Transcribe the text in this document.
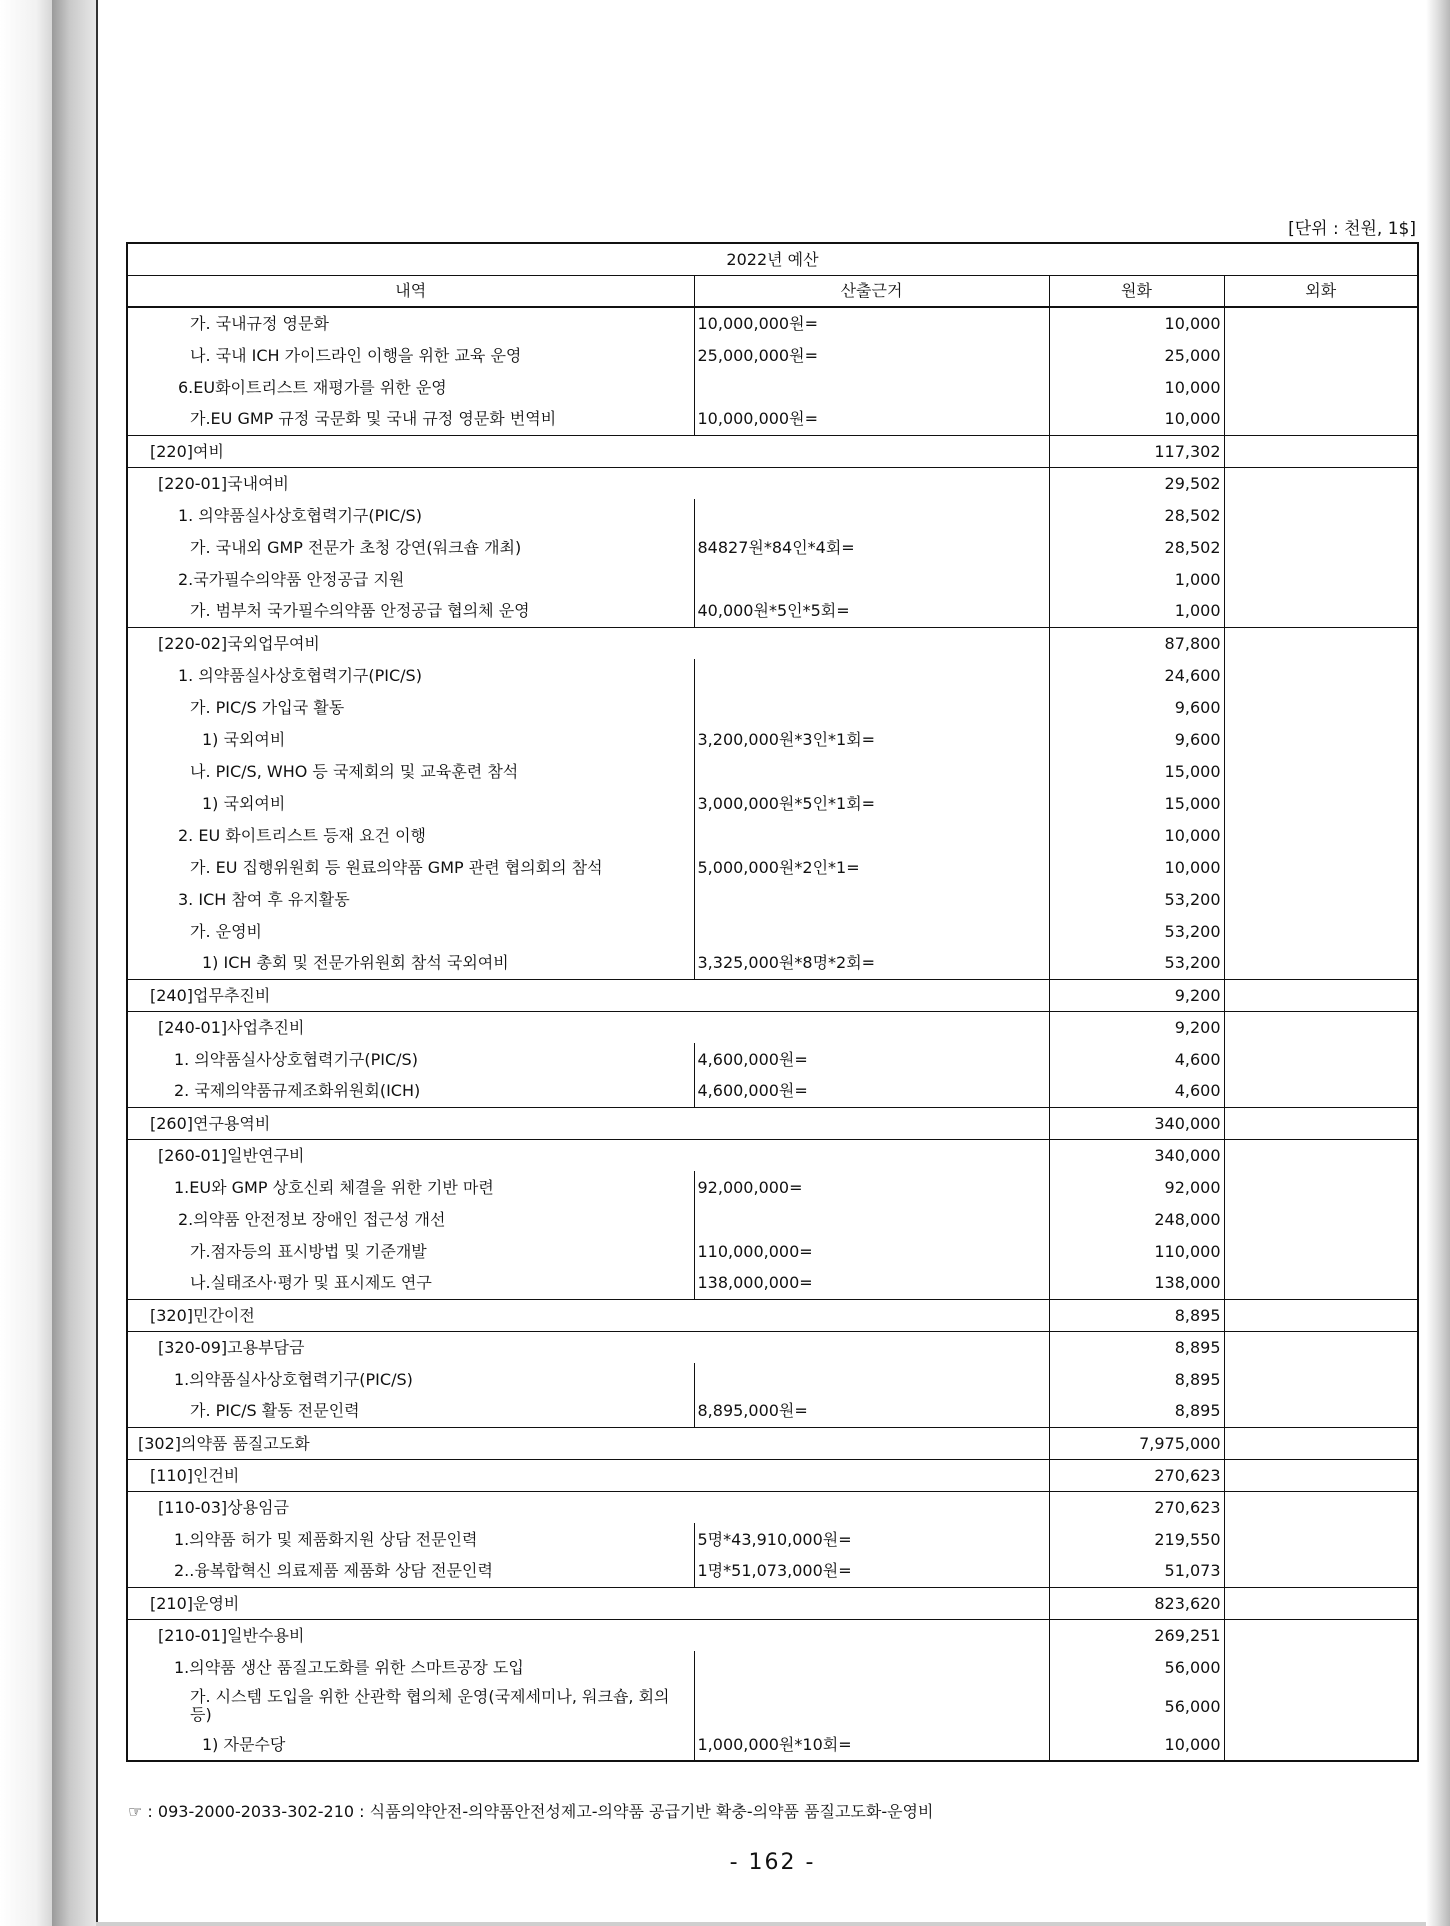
[단위 : 천원, 1$]
2022년 예산			
내역	산출근거	원화	외화
가. 국내규정 영문화	10,000,000원=	10,000	
나. 국내 ICH 가이드라인 이행을 위한 교육 운영	25,000,000원=	25,000	
6.EU화이트리스트 재평가를 위한 운영		10,000	
가.EU GMP 규정 국문화 및 국내 규정 영문화 번역비	10,000,000원=	10,000	
[220]여비		117,302	
[220-01]국내여비		29,502	
1. 의약품실사상호협력기구(PIC/S)		28,502	
가. 국내외 GMP 전문가 초청 강연(워크숍 개최)	84827원*84인*4회=	28,502	
2.국가필수의약품 안정공급 지원		1,000	
가. 범부처 국가필수의약품 안정공급 협의체 운영	40,000원*5인*5회=	1,000	
[220-02]국외업무여비		87,800	
1. 의약품실사상호협력기구(PIC/S)		24,600	
가. PIC/S 가입국 활동		9,600	
1) 국외여비	3,200,000원*3인*1회=	9,600	
나. PIC/S, WHO 등 국제회의 및 교육훈련 참석		15,000	
1) 국외여비	3,000,000원*5인*1회=	15,000	
2. EU 화이트리스트 등재 요건 이행		10,000	
가. EU 집행위원회 등 원료의약품 GMP 관련 협의회의 참석	5,000,000원*2인*1=	10,000	
3. ICH 참여 후 유지활동		53,200	
가. 운영비		53,200	
1) ICH 총회 및 전문가위원회 참석 국외여비	3,325,000원*8명*2회=	53,200	
[240]업무추진비		9,200	
[240-01]사업추진비		9,200	
1. 의약품실사상호협력기구(PIC/S)	4,600,000원=	4,600	
2. 국제의약품규제조화위원회(ICH)	4,600,000원=	4,600	
[260]연구용역비		340,000	
[260-01]일반연구비		340,000	
1.EU와 GMP 상호신뢰 체결을 위한 기반 마련	92,000,000=	92,000	
2.의약품 안전정보 장애인 접근성 개선		248,000	
가.점자등의 표시방법 및 기준개발	110,000,000=	110,000	
나.실태조사·평가 및 표시제도 연구	138,000,000=	138,000	
[320]민간이전		8,895	
[320-09]고용부담금		8,895	
1.의약품실사상호협력기구(PIC/S)		8,895	
가. PIC/S 활동 전문인력	8,895,000원=	8,895	
[302]의약품 품질고도화		7,975,000	
[110]인건비		270,623	
[110-03]상용임금		270,623	
1.의약품 허가 및 제품화지원 상담 전문인력	5명*43,910,000원=	219,550	
2..융복합혁신 의료제품 제품화 상담 전문인력	1명*51,073,000원=	51,073	
[210]운영비		823,620	
[210-01]일반수용비		269,251	
1.의약품 생산 품질고도화를 위한 스마트공장 도입		56,000	
가. 시스템 도입을 위한 산관학 협의체 운영(국제세미나, 워크숍, 회의 등)		56,000	
1) 자문수당	1,000,000원*10회=	10,000	
☞ : 093-2000-2033-302-210 : 식품의약안전-의약품안전성제고-의약품 공급기반 확충-의약품 품질고도화-운영비
- 162 -
